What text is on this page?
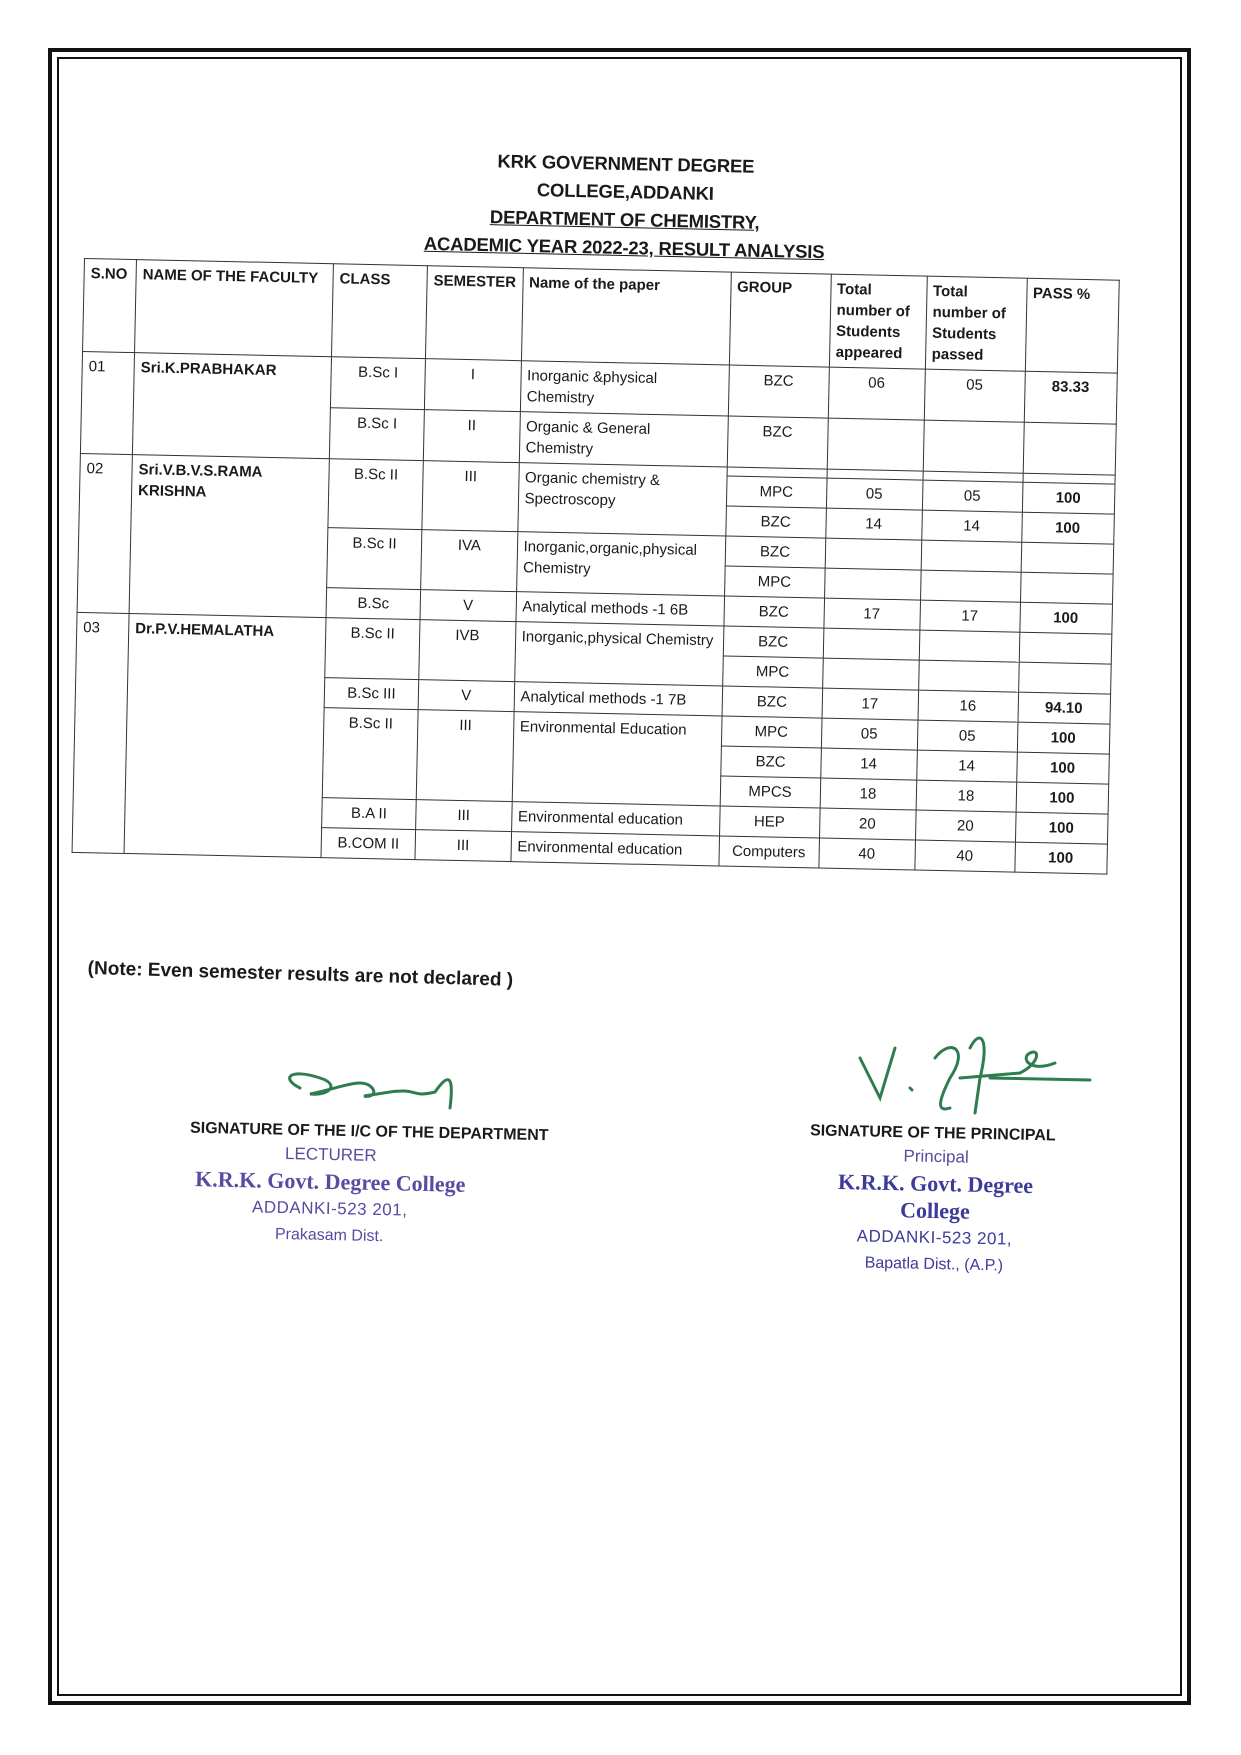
KRK GOVERNMENT DEGREE COLLEGE,ADDANKI
DEPARTMENT OF CHEMISTRY,
ACADEMIC YEAR 2022-23, RESULT ANALYSIS
S.NO	NAME OF THE FACULTY	CLASS	SEMESTER	Name of the paper	GROUP	Total number of Students appeared	Total number of Students passed	PASS %
01	Sri.K.PRABHAKAR	B.Sc I	I	Inorganic &physical Chemistry	BZC	06	05	83.33
		B.Sc I	II	Organic & General Chemistry	BZC			
02	Sri.V.B.V.S.RAMA KRISHNA	B.Sc II	III	Organic chemistry & Spectroscopy				
					MPC	05	05	100
					BZC	14	14	100
		B.Sc II	IVA	Inorganic,organic,physical Chemistry	BZC			
					MPC			
		B.Sc	V	Analytical methods -1 6B	BZC	17	17	100
03	Dr.P.V.HEMALATHA	B.Sc II	IVB	Inorganic,physical Chemistry	BZC			
					MPC			
		B.Sc III	V	Analytical methods -1 7B	BZC	17	16	94.10
		B.Sc II	III	Environmental Education	MPC	05	05	100
					BZC	14	14	100
					MPCS	18	18	100
		B.A II	III	Environmental education	HEP	20	20	100
		B.COM II	III	Environmental education	Computers	40	40	100
(Note: Even semester results are not declared )
SIGNATURE OF THE I/C OF THE DEPARTMENT
LECTURER
K.R.K. Govt. Degree College
ADDANKI-523 201,
Prakasam Dist.
SIGNATURE OF THE PRINCIPAL
Principal
K.R.K. Govt. Degree College
ADDANKI-523 201,
Bapatla Dist., (A.P.)
